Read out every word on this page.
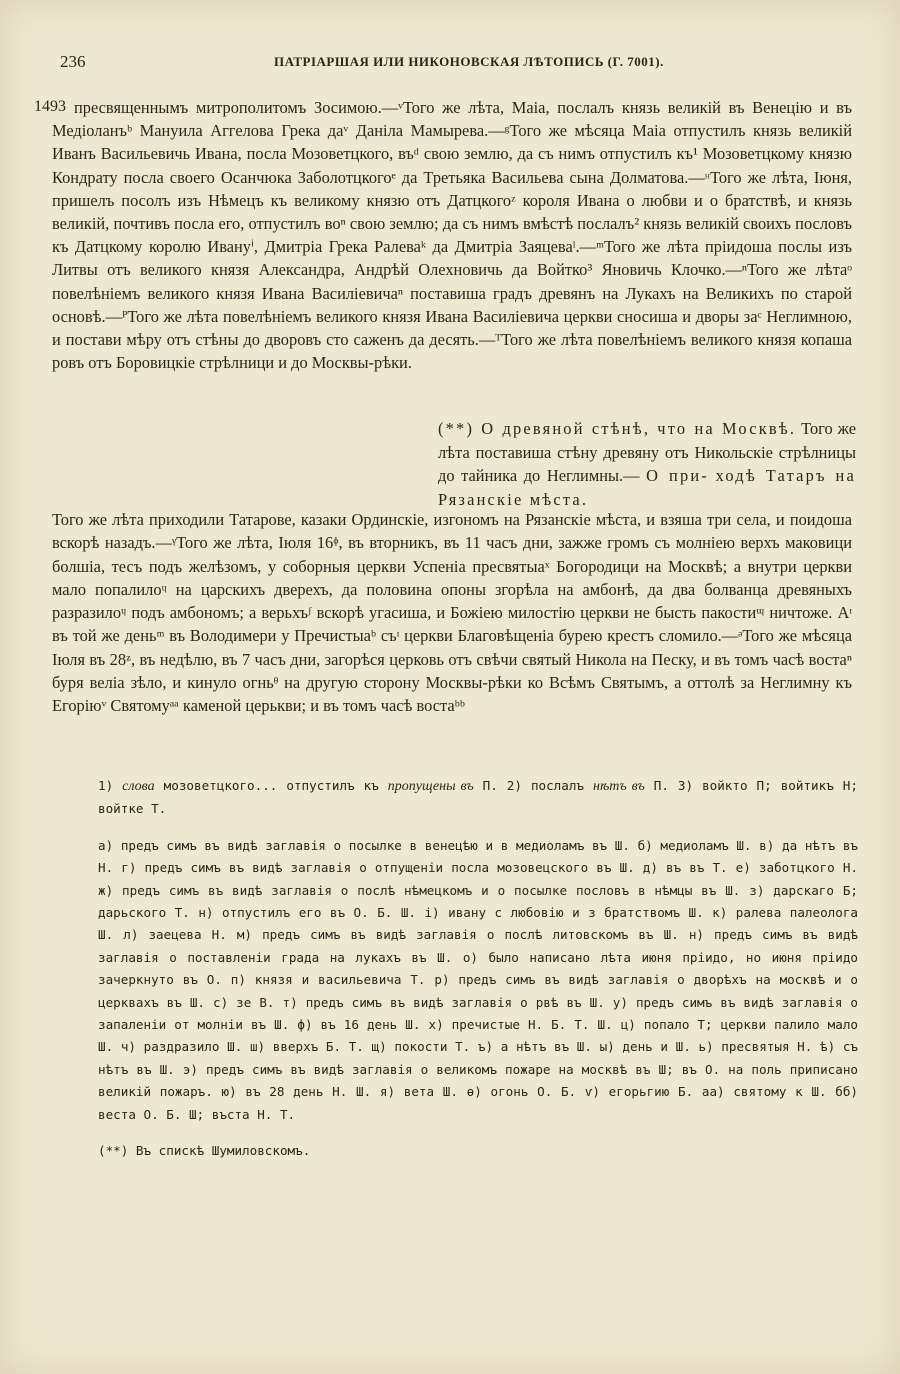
236	ПАТРІАРШАЯ ИЛИ НИКОНОВСКАЯ ЛѢТОПИСЬ (Г. 7001).
1493 пресвященнымъ митрополитомъ Зосимою.—ᵛТого же лѣта, Маіа, послалъ князь великій въ Венецію и въ Медіоланъᵇ Мануила Аггелова Грека даᵛ Даніла Мамырева.—ᵍТого же мѣсяца Маіа отпустилъ князь великій Иванъ Васильевичь Ивана, посла Мозоветцкого, въᵈ свою землю, да съ нимъ отпустилъ къ¹ Мозоветцкому князю Кондрату посла своего Осанчюка Заболотцкогоᵉ да Третьяка Васильева сына Долматова.—ᵸТого же лѣта, Іюня, пришелъ посолъ изъ Нѣмецъ къ великому князю отъ Датцкогоᶻ короля Ивана о любви и о братствѣ, и князь великій, почтивъ посла его, отпустилъ воⁿ свою землю; да съ нимъ вмѣстѣ послалъ² князь великій своихъ пословъ къ Датцкому королю Ивануⁱ, Дмитріа Грека Ралеваᵏ да Дмитріа Заяцеваˡ.—ᵐТого же лѣта пріидоша послы изъ Литвы отъ великого князя Александра, Андрѣй Олехновичь да Войтко³ Яновичь Клочко.—ⁿТого же лѣтаᵒ повелѣніемъ великого князя Ивана Василіевичаⁿ поставиша градъ древянъ на Лукахъ на Великихъ по старой основѣ.—ᴾТого же лѣта повелѣніемъ великого князя Ивана Василіевича церкви сносиша и дворы заᶜ Неглимною, и постави мѣру отъ стѣны до дворовъ сто саженъ да десять.—ᵀТого же лѣта повелѣніемъ великого князя копаша ровъ отъ Боровицкіе стрѣлници и до Москвы-рѣки.

(**) О древяной стѣнѣ, что на Москвѣ. Того же лѣта поставиша стѣну древяну отъ Никольскіе стрѣлницы до тайника до Неглимны.— О при- ходѣ Татаръ на Рязанскіе мѣста.

Того же лѣта приходили Татарове, казаки Ординскіе, изгономъ на Рязанскіе мѣста, и взяша три села, и поидоша вскорѣ назадъ.—ᵞТого же лѣта, Іюля 16ᶲ, въ вторникъ, въ 11 часъ дни, зажже громъ съ молніею верхъ маковици болшіа, тесъ подъ желѣзомъ, у соборныя церкви Успеніа пресвятыаˣ Богородици на Москвѣ; а внутри церкви мало попалилоᶣ на царскихъ дверехъ, да половина опоны згорѣла на амбонѣ, да два болванца древяныхъ разразилоᶣ подъ амбономъ; а верьхъᶴ вскорѣ угасиша, и Божіею милостію церкви не бысть пакостиᶭ ничтоже. Аᶦ въ той же деньᵐ въ Володимери у Пречистыаᵇ съᶦ церкви Благовѣщеніа бурею крестъ сломило.—ᵊТого же мѣсяца Іюля въ 28ᶽ, въ недѣлю, въ 7 часъ дни, загорѣся церковь отъ свѣчи святый Никола на Песку, и въ томъ часѣ востаⁿ буря веліа зѣло, и кинуло огньᶿ на другую сторону Москвы-рѣки ко Всѣмъ Святымъ, а оттолѣ за Неглимну къ Егоріюᵛ Святомуᵃᵃ каменой церькви; и въ томъ часѣ востаᵇᵇ

1) слова мозоветцкого... отпустилъ къ пропущены въ П. 2) послалъ нѣтъ въ П. 3) войкто П; войтикъ Н; войтке Т.

а) предъ симъ въ видѣ заглавія о посылке в венецѣю и в медиоламъ въ Ш. б) медиоламъ Ш. в) да нѣтъ въ Н. г) предъ симъ въ видѣ заглавія о отпущеніи посла мозовецского въ Ш. д) въ въ Т. е) заботцкого Н. ж) предъ симъ въ видѣ заглавія о послѣ нѣмецкомъ и о посылке пословъ в нѣмцы въ Ш. з) дарскаго Б; дарьского Т. н) отпустилъ его въ О. Б. Ш. і) ивану с любовію и з братствомъ Ш. к) ралева палеолога Ш. л) заецева Н. м) предъ симъ въ видѣ заглавія о послѣ литовскомъ въ Ш. н) предъ симъ въ видѣ заглавія о поставленіи града на лукахъ въ Ш. о) было написано лѣта июня пріидо, но июня пріидо зачеркнуто въ О. п) князя и васильевича Т. р) предъ симъ въ видѣ заглавія о дворѣхъ на москвѣ и о церквахъ въ Ш. с) зе В. т) предъ симъ въ видѣ заглавія о рвѣ въ Ш. у) предъ симъ въ видѣ заглавія о запаленіи от молніи въ Ш. ф) въ 16 день Ш. х) пречистые Н. Б. Т. Ш. ц) попало Т; церкви палило мало Ш. ч) раздразило Ш. ш) вверхъ Б. Т. щ) покости Т. ъ) а нѣтъ въ Ш. ы) день и Ш. ь) пресвятыя Н. ѣ) съ нѣтъ въ Ш. э) предъ симъ въ видѣ заглавія о великомъ пожаре на москвѣ въ Ш; въ О. на поль приписано великій пожаръ. ю) въ 28 день Н. Ш. я) вета Ш. ѳ) огонь О. Б. ѵ) егорьгию Б. аа) святому к Ш. бб) веста О. Б. Ш; въста Н. Т.

(**) Въ спискѣ Шумиловскомъ.
